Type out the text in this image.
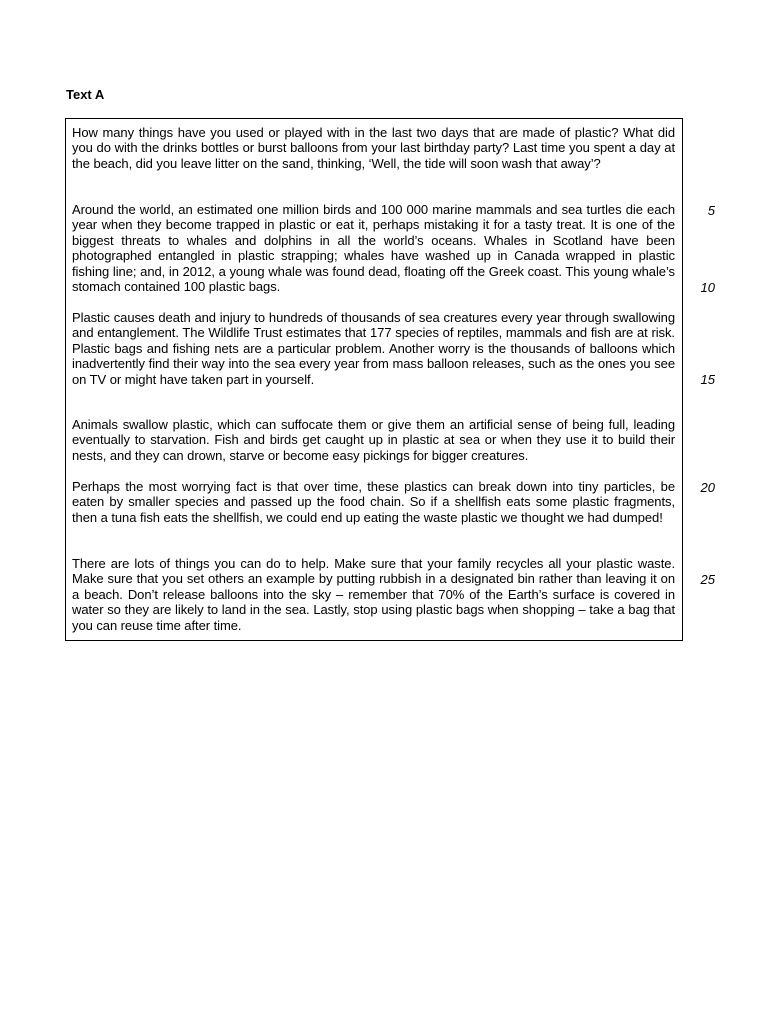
Text A

How many things have you used or played with in the last two days that are made of plastic? What did you do with the drinks bottles or burst balloons from your last birthday party? Last time you spent a day at the beach, did you leave litter on the sand, thinking, ‘Well, the tide will soon wash that away’?

Around the world, an estimated one million birds and 100 000 marine mammals and sea turtles die each year when they become trapped in plastic or eat it, perhaps mistaking it for a tasty treat. It is one of the biggest threats to whales and dolphins in all the world’s oceans. Whales in Scotland have been photographed entangled in plastic strapping; whales have washed up in Canada wrapped in plastic fishing line; and, in 2012, a young whale was found dead, floating off the Greek coast. This young whale’s stomach contained 100 plastic bags.

Plastic causes death and injury to hundreds of thousands of sea creatures every year through swallowing and entanglement. The Wildlife Trust estimates that 177 species of reptiles, mammals and fish are at risk. Plastic bags and fishing nets are a particular problem. Another worry is the thousands of balloons which inadvertently find their way into the sea every year from mass balloon releases, such as the ones you see on TV or might have taken part in yourself.

Animals swallow plastic, which can suffocate them or give them an artificial sense of being full, leading eventually to starvation. Fish and birds get caught up in plastic at sea or when they use it to build their nests, and they can drown, starve or become easy pickings for bigger creatures.

Perhaps the most worrying fact is that over time, these plastics can break down into tiny particles, be eaten by smaller species and passed up the food chain. So if a shellfish eats some plastic fragments, then a tuna fish eats the shellfish, we could end up eating the waste plastic we thought we had dumped!

There are lots of things you can do to help. Make sure that your family recycles all your plastic waste. Make sure that you set others an example by putting rubbish in a designated bin rather than leaving it on a beach. Don’t release balloons into the sky – remember that 70% of the Earth’s surface is covered in water so they are likely to land in the sea. Lastly, stop using plastic bags when shopping – take a bag that you can reuse time after time.

5
10
15
20
25
